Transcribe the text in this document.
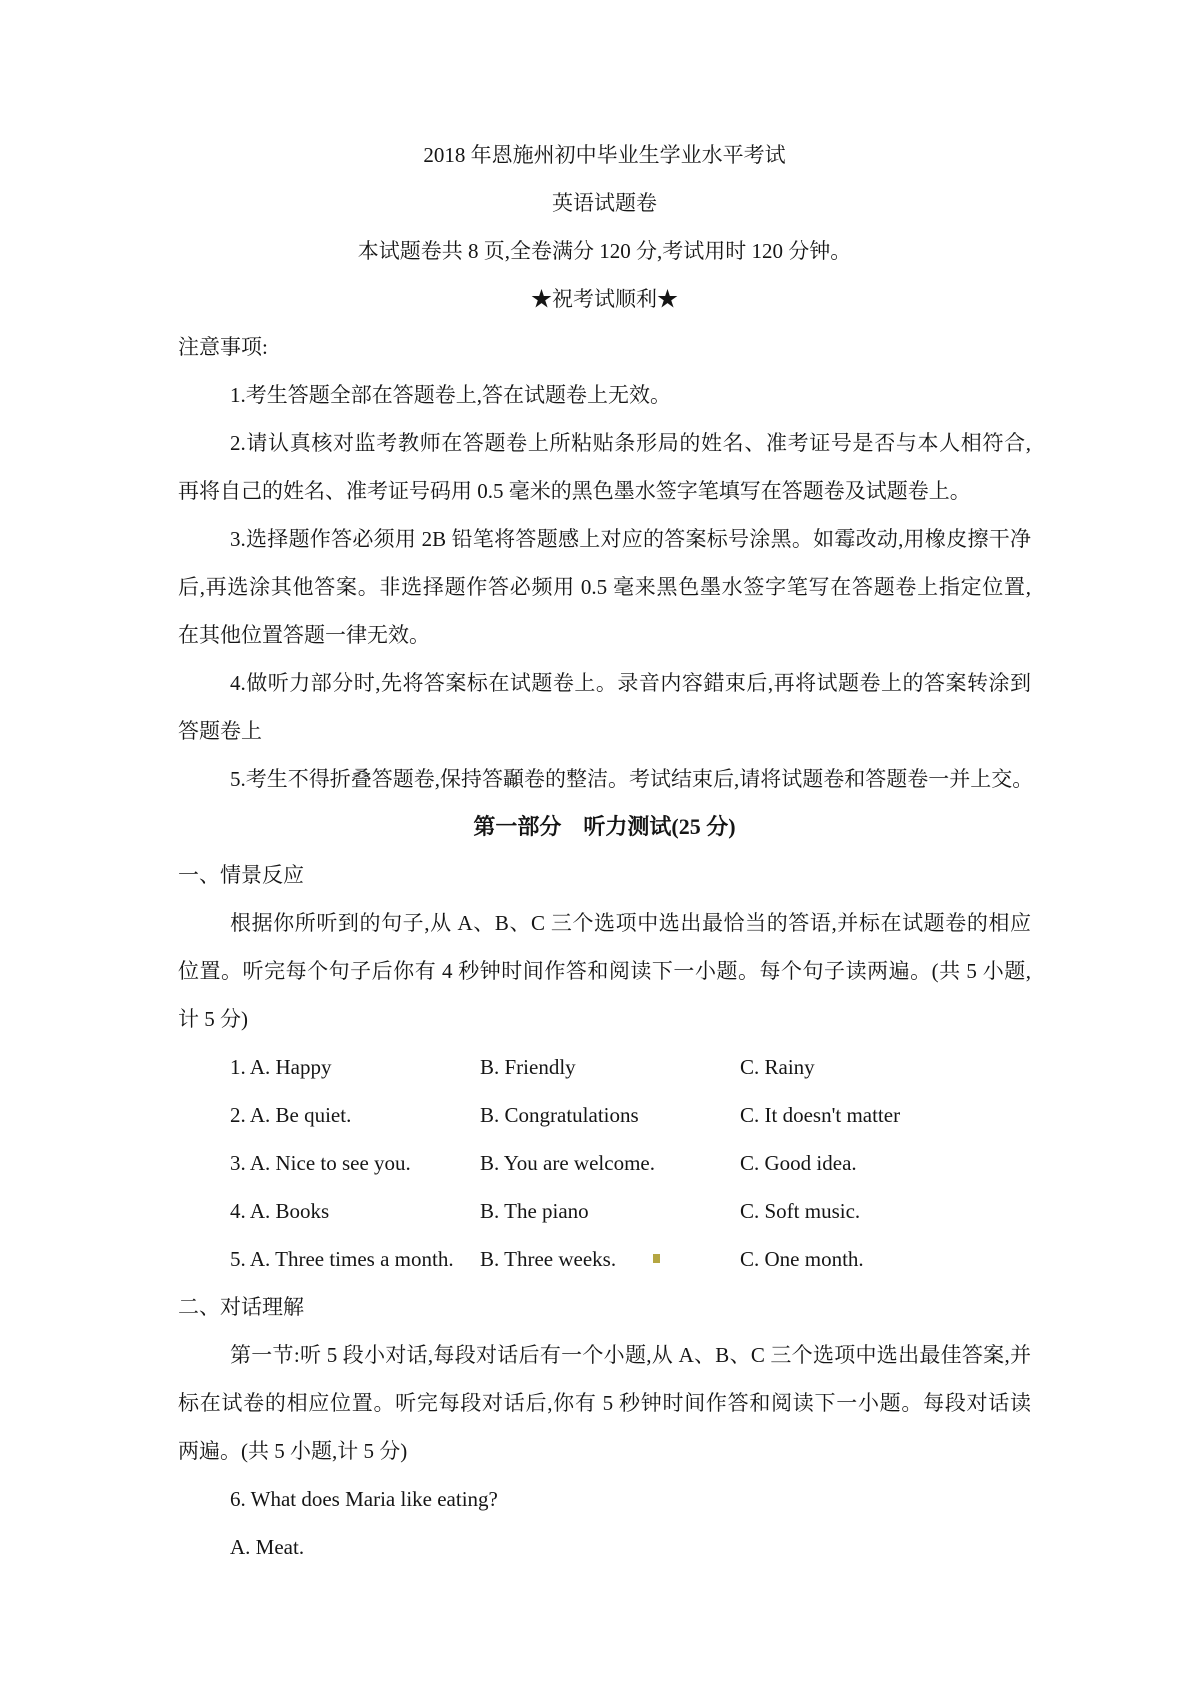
2018 年恩施州初中毕业生学业水平考试
英语试题卷
本试题卷共 8 页,全卷满分 120 分,考试用时 120 分钟。
★祝考试顺利★
注意事项:
1.考生答题全部在答题卷上,答在试题卷上无效。
2.请认真核对监考教师在答题卷上所粘贴条形局的姓名、准考证号是否与本人相符合,
再将自己的姓名、准考证号码用 0.5 毫米的黑色墨水签字笔填写在答题卷及试题卷上。
3.选择题作答必须用 2B 铅笔将答题感上对应的答案标号涂黑。如霉改动,用橡皮擦干净
后,再选涂其他答案。非选择题作答必频用 0.5 毫来黑色墨水签字笔写在答题卷上指定位置,
在其他位置答题一律无效。
4.做听力部分时,先将答案标在试题卷上。录音内容錯束后,再将试题卷上的答案转涂到
答题卷上
5.考生不得折叠答题卷,保持答顳卷的整洁。考试结束后,请将试题卷和答题卷一并上交。
第一部分　听力测试(25 分)
一、情景反应
根据你所听到的句子,从 A、B、C 三个选项中选出最恰当的答语,并标在试题卷的相应
位置。听完每个句子后你有 4 秒钟时间作答和阅读下一小题。每个句子读两遍。(共 5 小题,
计 5 分)
1. A. Happy	B. Friendly	C. Rainy
2. A. Be quiet.	B. Congratulations	C. It doesn't matter
3. A. Nice to see you.	B. You are welcome.	C. Good idea.
4. A. Books	B. The piano	C. Soft music.
5. A. Three times a month. B. Three weeks.	C. One month.
二、对话理解
第一节:听 5 段小对话,每段对话后有一个小题,从 A、B、C 三个选项中选出最佳答案,并
标在试卷的相应位置。听完每段对话后,你有 5 秒钟时间作答和阅读下一小题。每段对话读
两遍。(共 5 小题,计 5 分)
6. What does Maria like eating?
A. Meat.
